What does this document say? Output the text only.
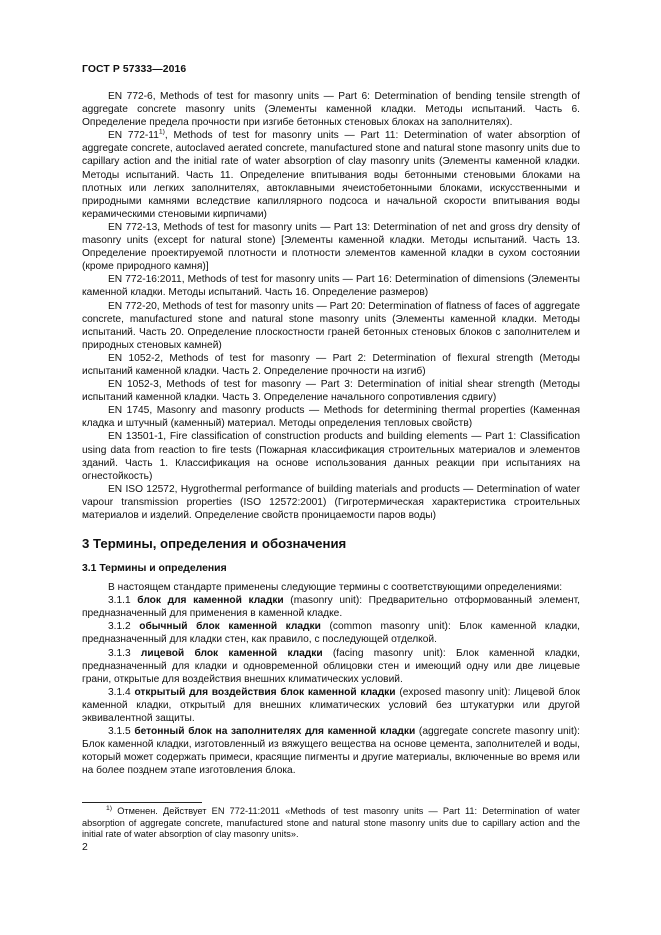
ГОСТ Р 57333—2016

EN 772-6, Methods of test for masonry units — Part 6: Determination of bending tensile strength of aggregate concrete masonry units (Элементы каменной кладки. Методы испытаний. Часть 6. Определение предела прочности при изгибе бетонных стеновых блоках на заполнителях).

EN 772-11$^{1)}$, Methods of test for masonry units — Part 11: Determination of water absorption of aggregate concrete, autoclaved aerated concrete, manufactured stone and natural stone masonry units due to capillary action and the initial rate of water absorption of clay masonry units (Элементы каменной кладки. Методы испытаний. Часть 11. Определение впитывания воды бетонными стеновыми блоками на плотных или легких заполнителях, автоклавными ячеистобетонными блоками, искусственными и природными камнями вследствие капиллярного подсоса и начальной скорости впитывания воды керамическими стеновыми кирпичами)

EN 772-13, Methods of test for masonry units — Part 13: Determination of net and gross dry density of masonry units (except for natural stone) [Элементы каменной кладки. Методы испытаний. Часть 13. Определение проектируемой плотности и плотности элементов каменной кладки в сухом состоянии (кроме природного камня)]

EN 772-16:2011, Methods of test for masonry units — Part 16: Determination of dimensions (Элементы каменной кладки. Методы испытаний. Часть 16. Определение размеров)

EN 772-20, Methods of test for masonry units — Part 20: Determination of flatness of faces of aggregate concrete, manufactured stone and natural stone masonry units (Элементы каменной кладки. Методы испытаний. Часть 20. Определение плоскостности граней бетонных стеновых блоков с заполнителем и природных стеновых камней)

EN 1052-2, Methods of test for masonry — Part 2: Determination of flexural strength (Методы испытаний каменной кладки. Часть 2. Определение прочности на изгиб)

EN 1052-3, Methods of test for masonry — Part 3: Determination of initial shear strength (Методы испытаний каменной кладки. Часть 3. Определение начального сопротивления сдвигу)

EN 1745, Masonry and masonry products — Methods for determining thermal properties (Каменная кладка и штучный (каменный) материал. Методы определения тепловых свойств)

EN 13501-1, Fire classification of construction products and building elements — Part 1: Classification using data from reaction to fire tests (Пожарная классификация строительных материалов и элементов зданий. Часть 1. Классификация на основе использования данных реакции при испытаниях на огнестойкость)

EN ISO 12572, Hygrothermal performance of building materials and products — Determination of water vapour transmission properties (ISO 12572:2001) (Гигротермическая характеристика строительных материалов и изделий. Определение свойств проницаемости паров воды)

3 Термины, определения и обозначения
3.1 Термины и определения

В настоящем стандарте применены следующие термины с соответствующими определениями:

3.1.1 блок для каменной кладки (masonry unit): Предварительно отформованный элемент, предназначенный для применения в каменной кладке.

3.1.2 обычный блок каменной кладки (common masonry unit): Блок каменной кладки, предназначенный для кладки стен, как правило, с последующей отделкой.

3.1.3 лицевой блок каменной кладки (facing masonry unit): Блок каменной кладки, предназначенный для кладки и одновременной облицовки стен и имеющий одну или две лицевые грани, открытые для воздействия внешних климатических условий.

3.1.4 открытый для воздействия блок каменной кладки (exposed masonry unit): Лицевой блок каменной кладки, открытый для внешних климатических условий без штукатурки или другой эквивалентной защиты.

3.1.5 бетонный блок на заполнителях для каменной кладки (aggregate concrete masonry unit): Блок каменной кладки, изготовленный из вяжущего вещества на основе цемента, заполнителей и воды, который может содержать примеси, красящие пигменты и другие материалы, включенные во время или на более позднем этапе изготовления блока.

$^{1)}$ Отменен. Действует EN 772-11:2011 «Methods of test masonry units — Part 11: Determination of water absorption of aggregate concrete, manufactured stone and natural stone masonry units due to capillary action and the initial rate of water absorption of clay masonry units».

2
